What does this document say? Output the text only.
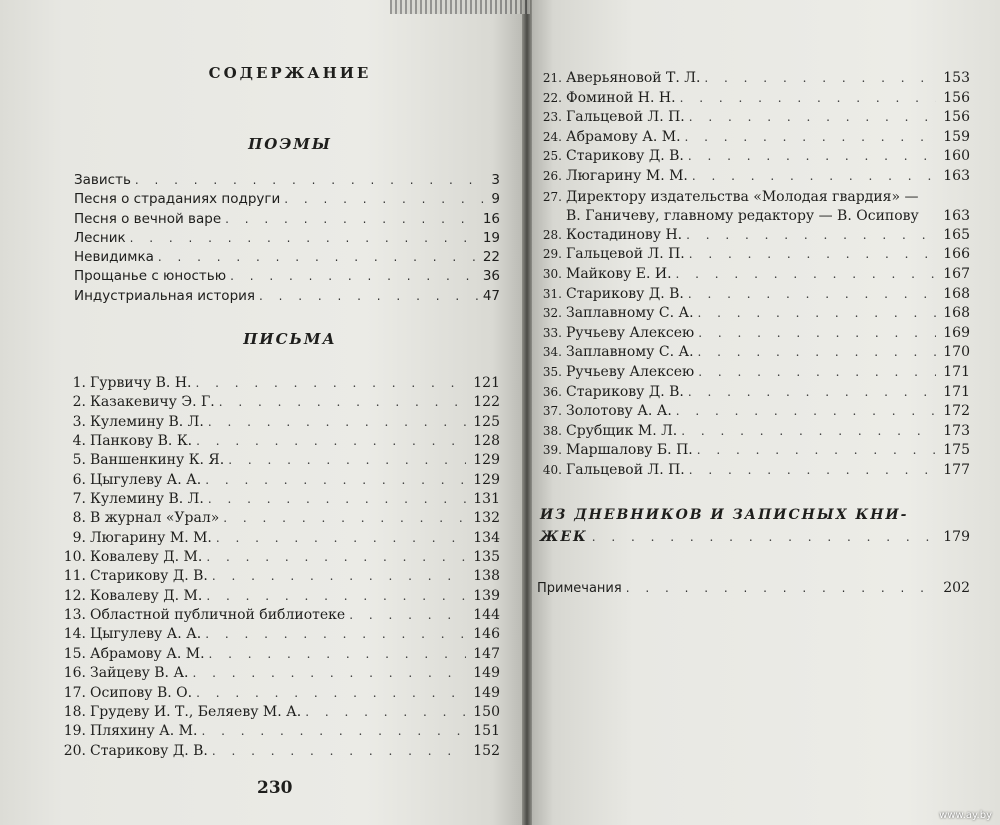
СОДЕРЖАНИЕ
ПОЭМЫ
Зависть . . .	3
Песня о страданиях подруги . . .	9
Песня о вечной варе . . .	16
Лесник . . .	19
Невидимка . . .	22
Прощанье с юностью . . .	36
Индустриальная история . . .	47
ПИСЬМА
1. Гурвичу В. Н. . . .	121
2. Казакевичу Э. Г. . . .	122
3. Кулемину В. Л. . . .	125
4. Панкову В. К. . . .	128
5. Ваншенкину К. Я. . . .	129
6. Цыгулеву А. А. . . .	129
7. Кулемину В. Л. . . .	131
8. В журнал «Урал» . . .	132
9. Люгарину М. М. . . .	134
10. Ковалеву Д. М. . . .	135
11. Старикову Д. В. . . .	138
12. Ковалеву Д. М. . . .	139
13. Областной публичной библиотеке . . .	144
14. Цыгулеву А. А. . . .	146
15. Абрамову А. М. . . .	147
16. Зайцеву В. А. . . .	149
17. Осипову В. О. . . .	149
18. Грудеву И. Т., Беляеву М. А. . . .	150
19. Пляхину А. М. . . .	151
20. Старикову Д. В. . . .	152
21. Аверьяновой Т. Л. . . .	153
22. Фоминой Н. Н. . . .	156
23. Гальцевой Л. П. . . .	156
24. Абрамову А. М. . . .	159
25. Старикову Д. В. . . .	160
26. Люгарину М. М. . . .	163
27. Директору издательства «Молодая гвардия» —
В. Ганичеву, главному редактору — В. Осипову 163
28. Костадинову Н. . . .	165
29. Гальцевой Л. П. . . .	166
30. Майкову Е. И. . . .	167
31. Старикову Д. В. . . .	168
32. Заплавному С. А. . . .	168
33. Ручьеву Алексею . . .	169
34. Заплавному С. А. . . .	170
35. Ручьеву Алексею . . .	171
36. Старикову Д. В. . . .	171
37. Золотову А. А. . . .	172
38. Срубщик М. Л. . . .	173
39. Маршалову Б. П. . . .	175
40. Гальцевой Л. П. . . .	177
ИЗ ДНЕВНИКОВ И ЗАПИСНЫХ КНИ-
ЖЕК . . .	179
Примечания . . .	202
230
www.ay.by
